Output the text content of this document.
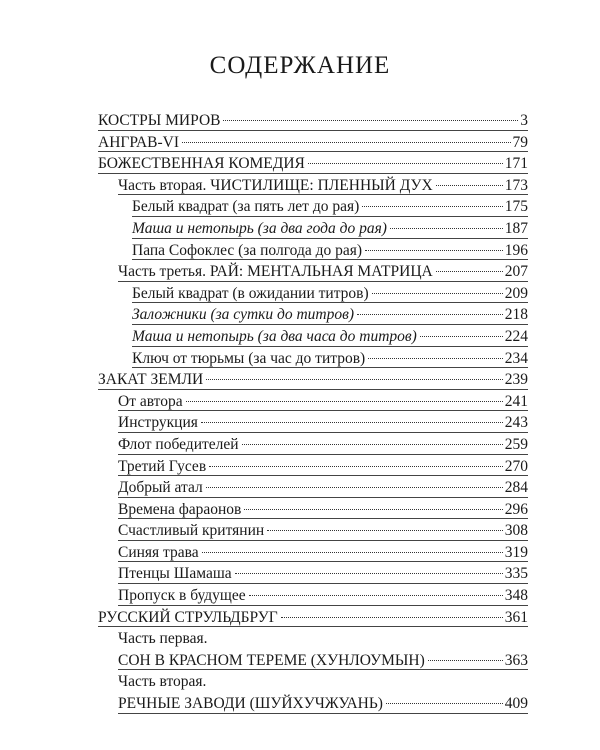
СОДЕРЖАНИЕ
КОСТРЫ МИРОВ	3
АНГРАВ-VI	79
БОЖЕСТВЕННАЯ КОМЕДИЯ	171
Часть вторая. ЧИСТИЛИЩЕ: ПЛЕННЫЙ ДУХ	173
Белый квадрат (за пять лет до рая)	175
Маша и нетопырь (за два года до рая)	187
Папа Софоклес (за полгода до рая)	196
Часть третья. РАЙ: МЕНТАЛЬНАЯ МАТРИЦА	207
Белый квадрат (в ожидании титров)	209
Заложники (за сутки до титров)	218
Маша и нетопырь (за два часа до титров)	224
Ключ от тюрьмы (за час до титров)	234
ЗАКАТ ЗЕМЛИ	239
От автора	241
Инструкция	243
Флот победителей	259
Третий Гусев	270
Добрый атал	284
Времена фараонов	296
Счастливый критянин	308
Синяя трава	319
Птенцы Шамаша	335
Пропуск в будущее	348
РУССКИЙ СТРУЛЬДБРУГ	361
Часть первая.
СОН В КРАСНОМ ТЕРЕМЕ (ХУНЛОУМЫН)	363
Часть вторая.
РЕЧНЫЕ ЗАВОДИ (ШУЙХУЧЖУАНЬ)	409
